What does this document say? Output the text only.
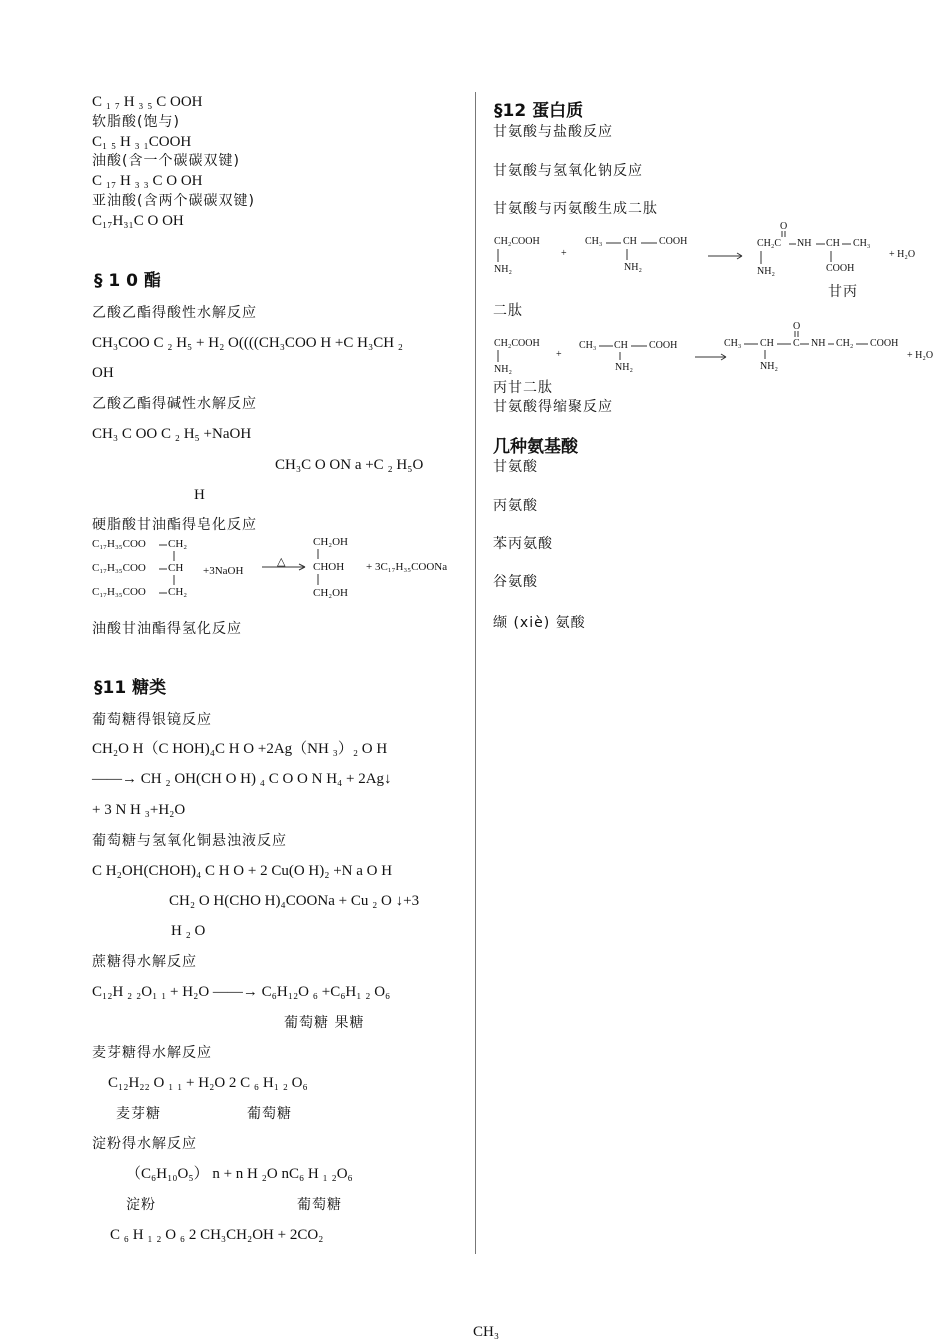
C ₁ ₇ H ₃ ₅ C OOH
软脂酸(饱与)
C₁ ₅ H ₃ ₁COOH
油酸(含一个碳碳双键)
C ₁₇ H ₃ ₃ C O OH
亚油酸(含两个碳碳双键)
C₁₇H₃₁C O OH
§ 1 0 酯
乙酸乙酯得酸性水解反应
CH₃COO C ₂ H₅ + H₂ O((((CH₃COO H +C H₃CH ₂
OH
乙酸乙酯得碱性水解反应
CH₃ C OO C ₂ H₅ +NaOH
CH₃C O ON a +C ₂ H₅O
H
硬脂酸甘油酯得皂化反应
C₁₇H₃₅COO CH₂
C₁₇H₃₅COO CH
C₁₇H₃₅COO CH₂
+3NaOH
△
CH₂OH
CHOH
CH₂OH
+ 3C₁₇H₃₅COONa
油酸甘油酯得氢化反应
§11 糖类
葡萄糖得银镜反应
CH₂O H（C HOH)₄C H O +2Ag（NH ₃）₂ O H
——→ CH ₂ OH(CH O H) ₄ C O O N H₄ + 2Ag↓
+ 3 N H ₃+H₂O
葡萄糖与氢氧化铜悬浊液反应
C H₂OH(CHOH)₄ C H O + 2 Cu(O H)₂ +N a O H
CH₂ O H(CHO H)₄COONa + Cu ₂ O ↓+3
H ₂ O
蔗糖得水解反应
C₁₂H ₂ ₂O₁ ₁ + H₂O ——→ C₆H₁₂O ₆ +C₆H₁ ₂ O₆
葡萄糖 果糖
麦芽糖得水解反应
C₁₂H₂₂ O ₁ ₁ + H₂O 2 C ₆ H₁ ₂ O₆
麦芽糖	葡萄糖
淀粉得水解反应
（C₆H₁₀O₅） n + n H ₂O nC₆ H ₁ ₂O₆
淀粉	葡萄糖
C ₆ H ₁ ₂ O ₆ 2 CH₃CH₂OH + 2CO₂
§12 蛋白质
甘氨酸与盐酸反应
甘氨酸与氢氧化钠反应
甘氨酸与丙氨酸生成二肽
CH₂COOH
NH₂
+
CH₃ CH COOH
NH₂
O
CH₂C NH CH CH₃
NH₂	COOH
+ H₂O
甘丙
二肽
CH₂COOH
NH₂
+
CH₃ CH COOH
NH₂
O
CH₃ CH C NH CH₂ COOH
NH₂
+ H₂O
丙甘二肽
甘氨酸得缩聚反应
几种氨基酸
甘氨酸
丙氨酸
苯丙氨酸
谷氨酸
缬 (xiè) 氨酸
CH₃
